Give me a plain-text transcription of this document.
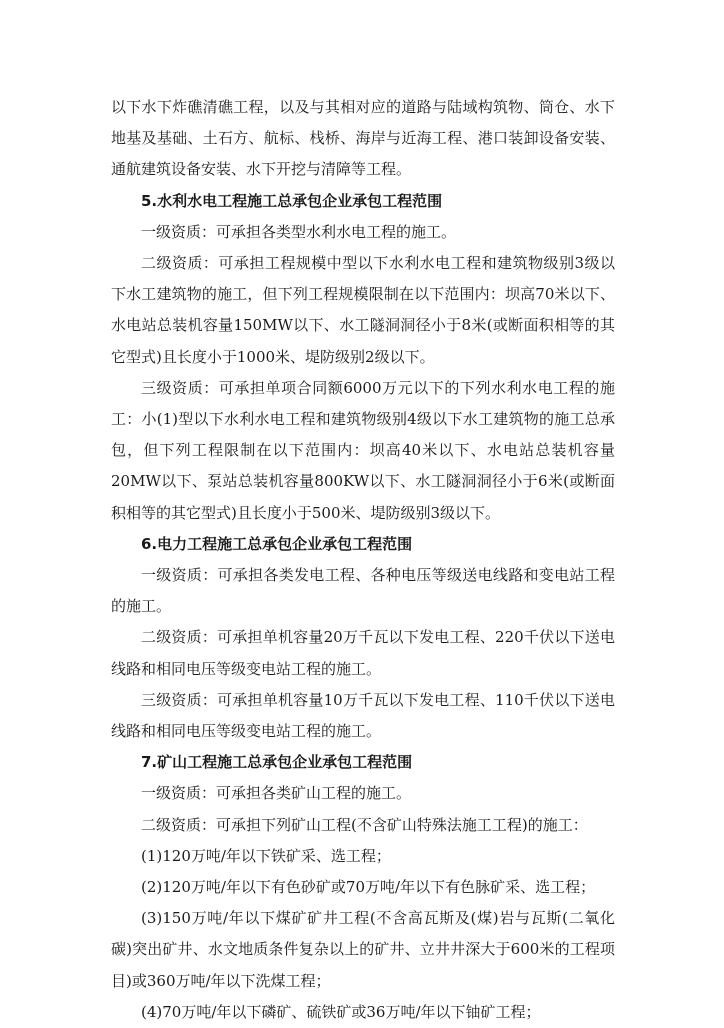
以下水下炸礁清礁工程，以及与其相对应的道路与陆域构筑物、筒仓、水下地基及基础、土石方、航标、栈桥、海岸与近海工程、港口装卸设备安装、通航建筑设备安装、水下开挖与清障等工程。

5.水利水电工程施工总承包企业承包工程范围

一级资质：可承担各类型水利水电工程的施工。

二级资质：可承担工程规模中型以下水利水电工程和建筑物级别3级以下水工建筑物的施工，但下列工程规模限制在以下范围内：坝高70米以下、水电站总装机容量150MW以下、水工隧洞洞径小于8米(或断面积相等的其它型式)且长度小于1000米、堤防级别2级以下。

三级资质：可承担单项合同额6000万元以下的下列水利水电工程的施工：小(1)型以下水利水电工程和建筑物级别4级以下水工建筑物的施工总承包，但下列工程限制在以下范围内：坝高40米以下、水电站总装机容量20MW以下、泵站总装机容量800KW以下、水工隧洞洞径小于6米(或断面积相等的其它型式)且长度小于500米、堤防级别3级以下。

6.电力工程施工总承包企业承包工程范围

一级资质：可承担各类发电工程、各种电压等级送电线路和变电站工程的施工。

二级资质：可承担单机容量20万千瓦以下发电工程、220千伏以下送电线路和相同电压等级变电站工程的施工。

三级资质：可承担单机容量10万千瓦以下发电工程、110千伏以下送电线路和相同电压等级变电站工程的施工。

7.矿山工程施工总承包企业承包工程范围

一级资质：可承担各类矿山工程的施工。

二级资质：可承担下列矿山工程(不含矿山特殊法施工工程)的施工：

(1)120万吨/年以下铁矿采、选工程；

(2)120万吨/年以下有色砂矿或70万吨/年以下有色脉矿采、选工程；

(3)150万吨/年以下煤矿矿井工程(不含高瓦斯及(煤)岩与瓦斯(二氧化碳)突出矿井、水文地质条件复杂以上的矿井、立井井深大于600米的工程项目)或360万吨/年以下洗煤工程；

(4)70万吨/年以下磷矿、硫铁矿或36万吨/年以下铀矿工程；
